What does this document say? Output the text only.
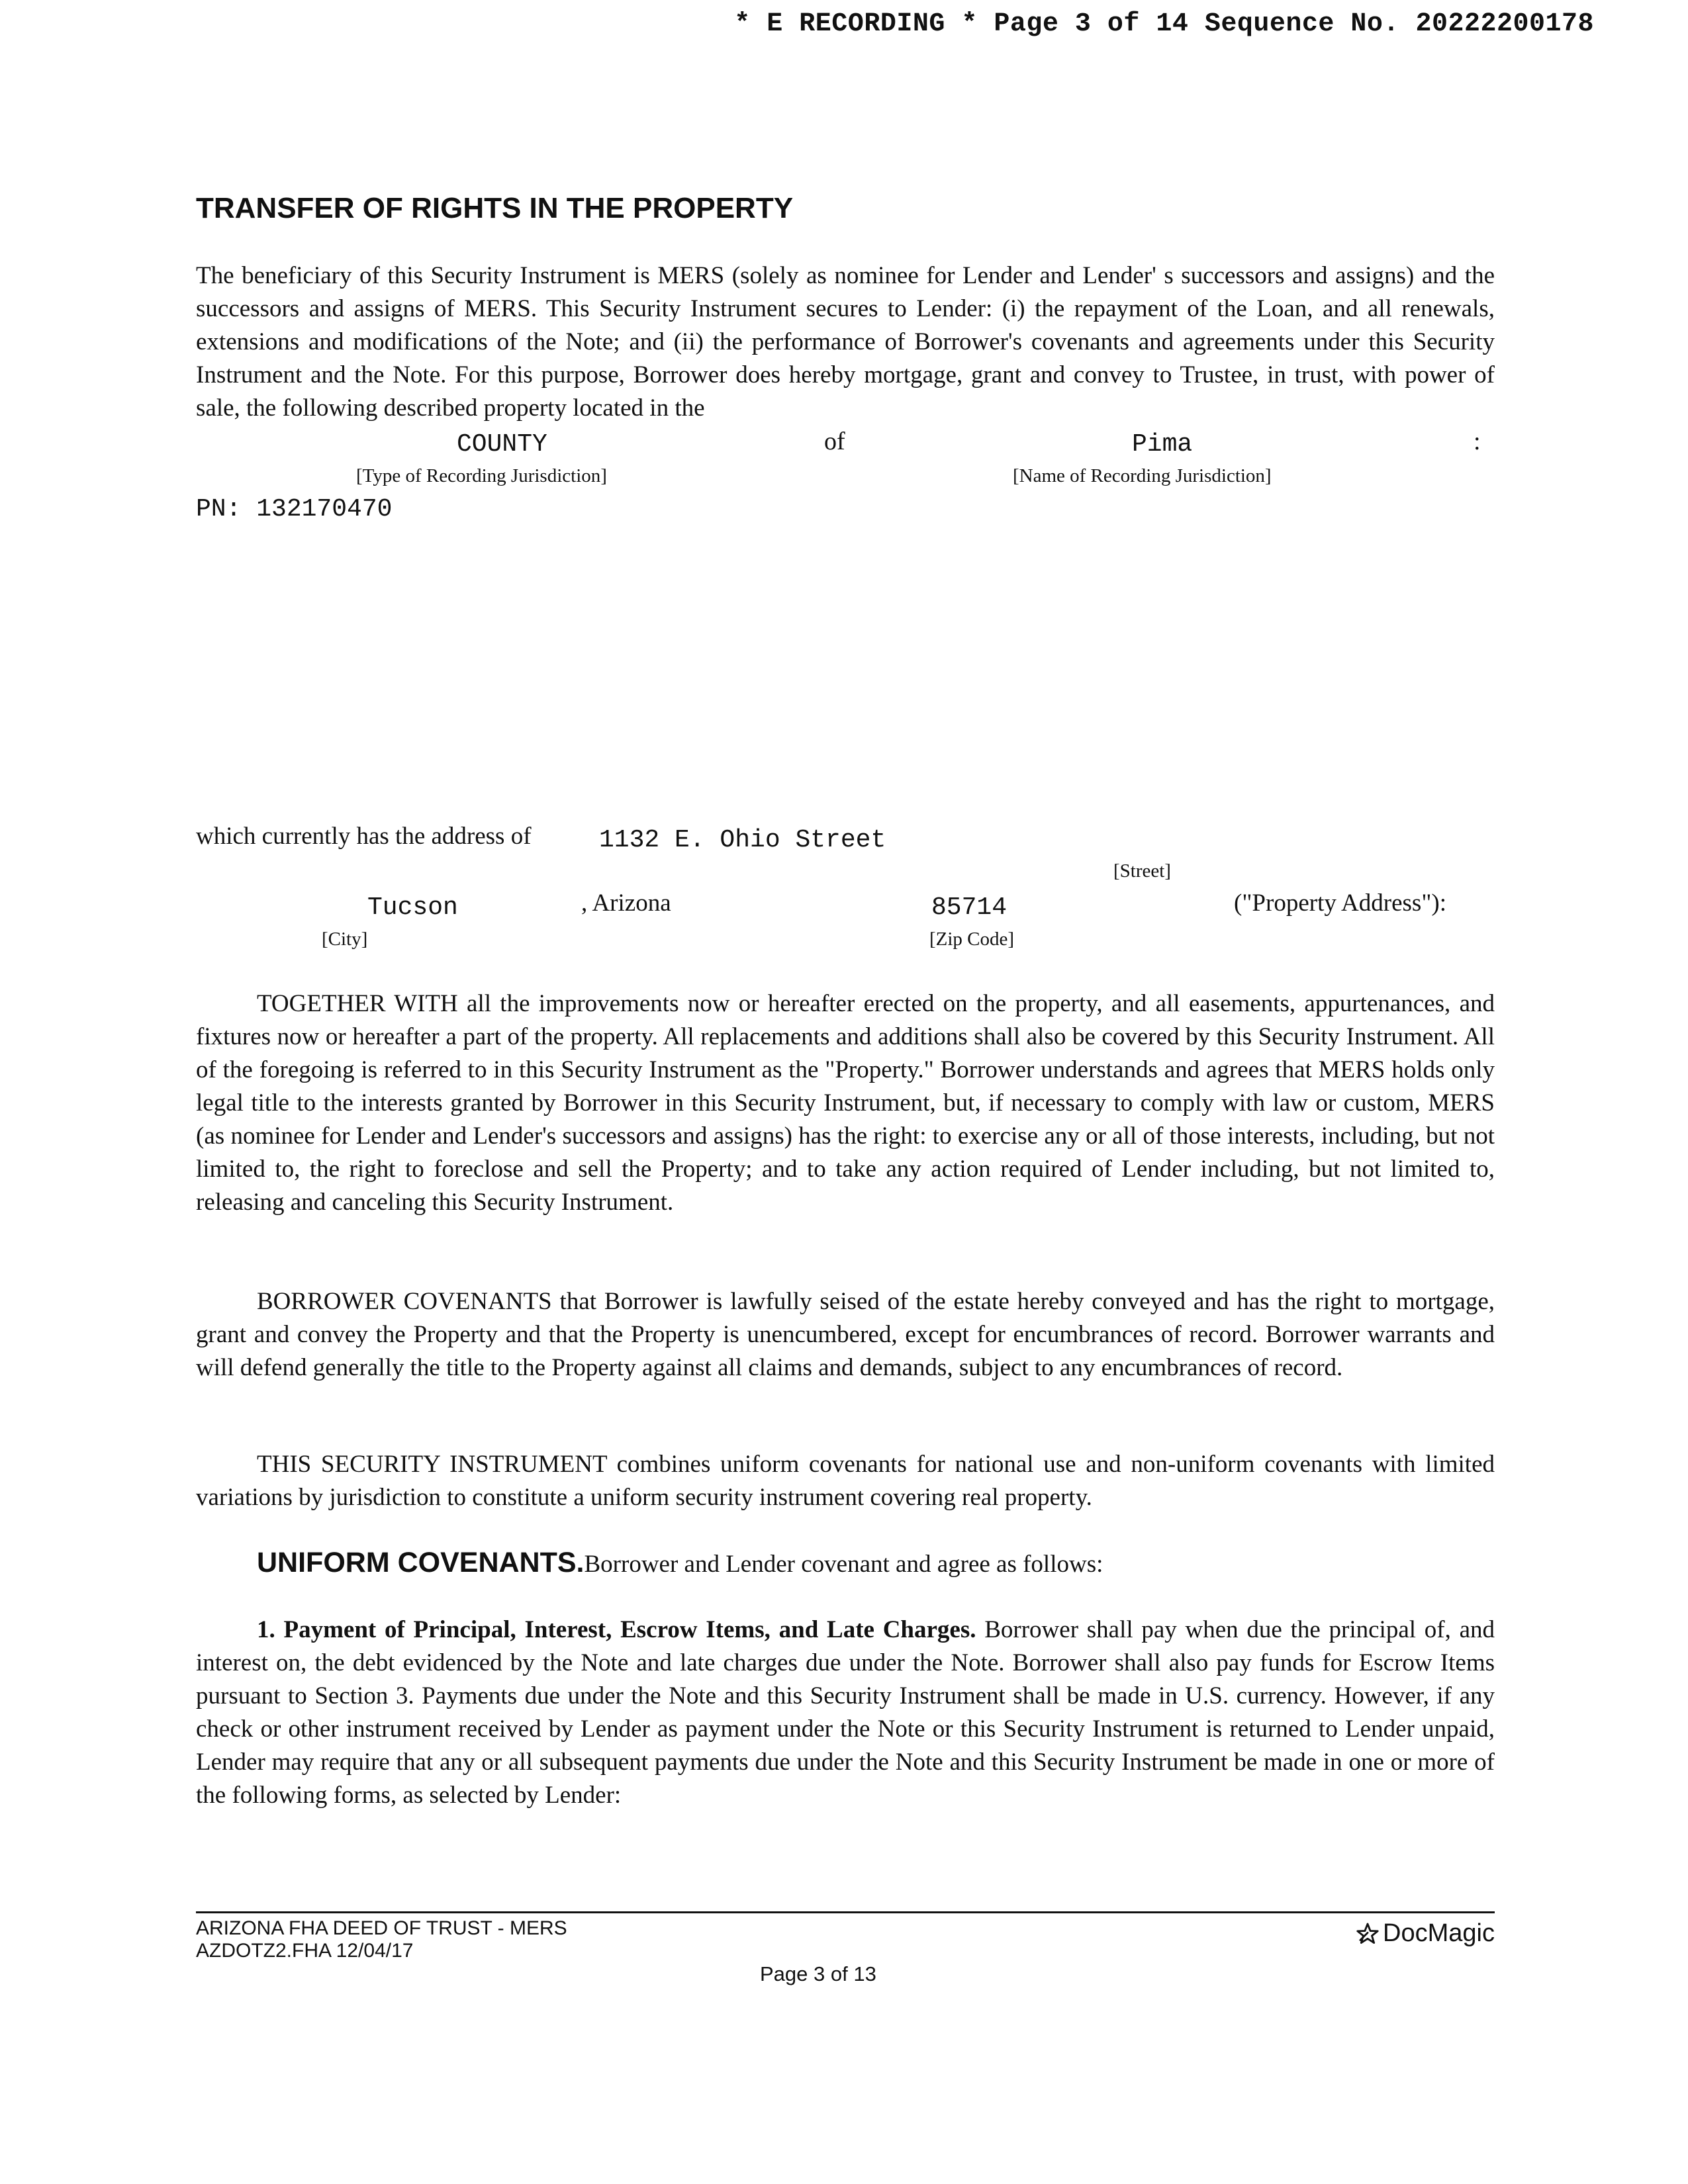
* E RECORDING * Page 3 of 14 Sequence No. 20222200178
TRANSFER OF RIGHTS IN THE PROPERTY

The beneficiary of this Security Instrument is MERS (solely as nominee for Lender and Lender' s successors and assigns) and the successors and assigns of MERS. This Security Instrument secures to Lender: (i) the repayment of the Loan, and all renewals, extensions and modifications of the Note; and (ii) the performance of Borrower's covenants and agreements under this Security Instrument and the Note. For this purpose, Borrower does hereby mortgage, grant and convey to Trustee, in trust, with power of sale, the following described property located in the

COUNTY	of	Pima	:
[Type of Recording Jurisdiction]	[Name of Recording Jurisdiction]
PN: 132170470
which currently has the address of	1132 E. Ohio Street
[Street]
Tucson	, Arizona	85714	("Property Address"):
[City]	[Zip Code]

TOGETHER WITH all the improvements now or hereafter erected on the property, and all easements, appurtenances, and fixtures now or hereafter a part of the property. All replacements and additions shall also be covered by this Security Instrument. All of the foregoing is referred to in this Security Instrument as the "Property." Borrower understands and agrees that MERS holds only legal title to the interests granted by Borrower in this Security Instrument, but, if necessary to comply with law or custom, MERS (as nominee for Lender and Lender's successors and assigns) has the right: to exercise any or all of those interests, including, but not limited to, the right to foreclose and sell the Property; and to take any action required of Lender including, but not limited to, releasing and canceling this Security Instrument.

BORROWER COVENANTS that Borrower is lawfully seised of the estate hereby conveyed and has the right to mortgage, grant and convey the Property and that the Property is unencumbered, except for encumbrances of record. Borrower warrants and will defend generally the title to the Property against all claims and demands, subject to any encumbrances of record.

THIS SECURITY INSTRUMENT combines uniform covenants for national use and non-uniform covenants with limited variations by jurisdiction to constitute a uniform security instrument covering real property.

UNIFORM COVENANTS.Borrower and Lender covenant and agree as follows:

1. Payment of Principal, Interest, Escrow Items, and Late Charges. Borrower shall pay when due the principal of, and interest on, the debt evidenced by the Note and late charges due under the Note. Borrower shall also pay funds for Escrow Items pursuant to Section 3. Payments due under the Note and this Security Instrument shall be made in U.S. currency. However, if any check or other instrument received by Lender as payment under the Note or this Security Instrument is returned to Lender unpaid, Lender may require that any or all subsequent payments due under the Note and this Security Instrument be made in one or more of the following forms, as selected by Lender:

ARIZONA FHA DEED OF TRUST - MERS
AZDOTZ2.FHA 12/04/17
Page 3 of 13
DocMagic
